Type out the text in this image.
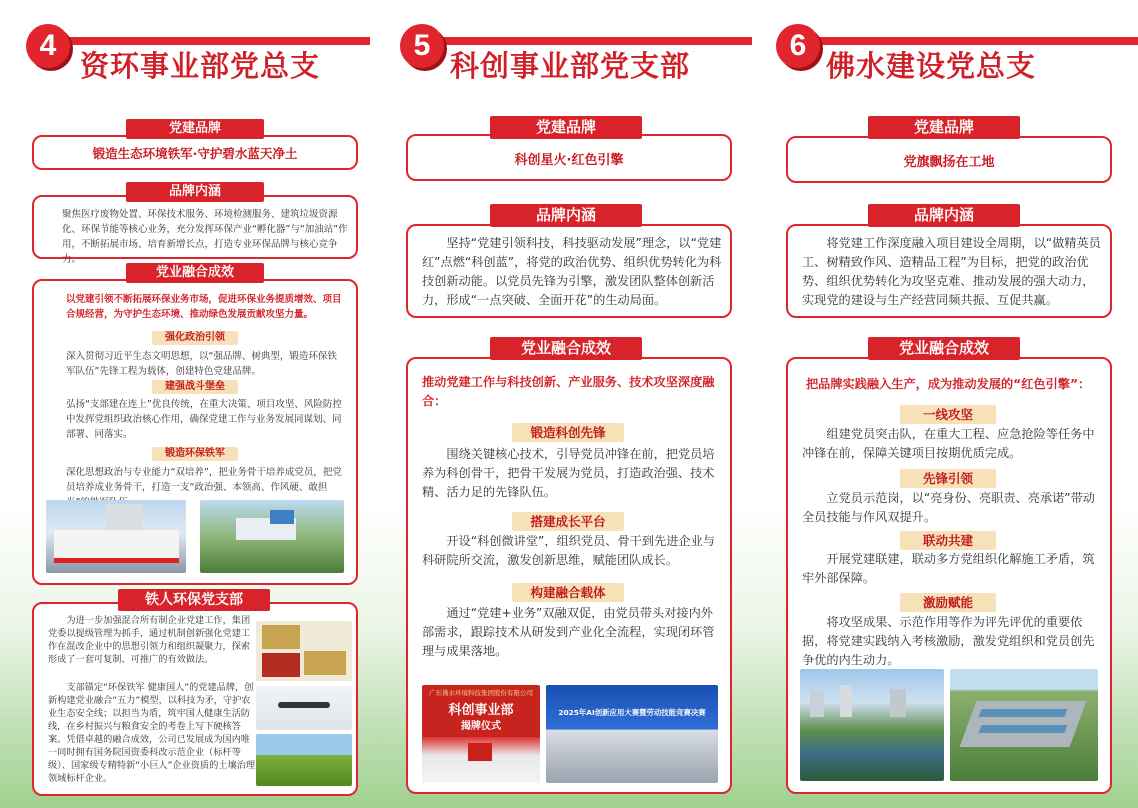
4
资环事业部党总支
锻造生态环境铁军·守护碧水蓝天净土
党建品牌
聚焦医疗废物处置、环保技术服务、环境检测服务、建筑垃圾资源化、环保节能等核心业务，充分发挥环保产业“孵化器”与“加油站”作用，不断拓展市场、培育新增长点，打造专业环保品牌与核心竞争力。
品牌内涵
以党建引领不断拓展环保业务市场，促进环保业务提质增效、项目合规经营，为守护生态环境、推动绿色发展贡献攻坚力量。
强化政治引领
深入贯彻习近平生态文明思想，以“强品牌、树典型，锻造环保铁军队伍”先锋工程为载体，创建特色党建品牌。
建强战斗堡垒
弘扬“支部建在连上”优良传统，在重大决策、项目攻坚、风险防控中发挥党组织政治核心作用，确保党建工作与业务发展同谋划、同部署、同落实。
锻造环保铁军
深化思想政治与专业能力“双培养”，把业务骨干培养成党员，把党员培养成业务骨干，打造一支“政治强、本领高、作风硬、敢担
党业融合成效
为进一步加强混合所有制企业党建工作，集团党委以提级管理为抓手，通过机制创新强化党建工作在混改企业中的思想引领力和组织凝聚力，探索形成了一套可复制、可推广的有效做法。
支部锚定“环保铁军 健康国人”的党建品牌，创新构建党业融合“五力”模型，以科技为矛，守护农业生态安全线；以担当为盾，筑牢国人健康生活防线，在乡村振兴与粮食安全的考卷上写下硬核答案。凭借卓越的融合成效，公司已发展成为国内唯一同时拥有国务院国资委科改示范企业（标杆等级）、国家级专精特新“小巨人”企业资质的土壤治理领域标杆企业。
铁人环保党支部
5
科创事业部党支部
科创星火·红色引擎
党建品牌
坚持“党建引领科技，科技驱动发展”理念，以“党建红”点燃“科创蓝”，将党的政治优势、组织优势转化为科技创新动能。以党员先锋为引擎，激发团队整体创新活力，形成“一点突破、全面开花”的生动局面。
品牌内涵
推动党建工作与科技创新、产业服务、技术攻坚深度融合：
锻造科创先锋
围绕关键核心技术，引导党员冲锋在前，把党员培养为科创骨干，把骨干发展为党员，打造政治强、技术精、活力足的先锋队伍。
搭建成长平台
开设“科创微讲堂”，组织党员、骨干到先进企业与科研院所交流，激发创新思维，赋能团队成长。
构建融合载体
通过“党建+业务”双融双促，由党员带头对接内外部需求，跟踪技术从研发到产业化全流程，实现闭环管理与成果落地。
广东佛水环境科技集团股份有限公司
科创事业部
揭牌仪式
2025年AI创新应用大赛暨劳动技能竞赛决赛
党业融合成效
6
佛水建设党总支
党旗飘扬在工地
党建品牌
将党建工作深度融入项目建设全周期，以“做精英员工、树精致作风、造精品工程”为目标，把党的政治优势、组织优势转化为攻坚克难、推动发展的强大动力，实现党的建设与生产经营同频共振、互促共赢。
品牌内涵
把品牌实践融入生产，成为推动发展的“红色引擎”：
一线攻坚
组建党员突击队，在重大工程、应急抢险等任务中冲锋在前，保障关键项目按期优质完成。
先锋引领
立党员示范岗，以“亮身份、亮职责、亮承诺”带动全员技能与作风双提升。
联动共建
开展党建联建，联动多方党组织化解施工矛盾，筑牢外部保障。
激励赋能
将攻坚成果、示范作用等作为评先评优的重要依据，将党建实践纳入考核激励，激发党组织和党员创先争优的内生动力。
党业融合成效
